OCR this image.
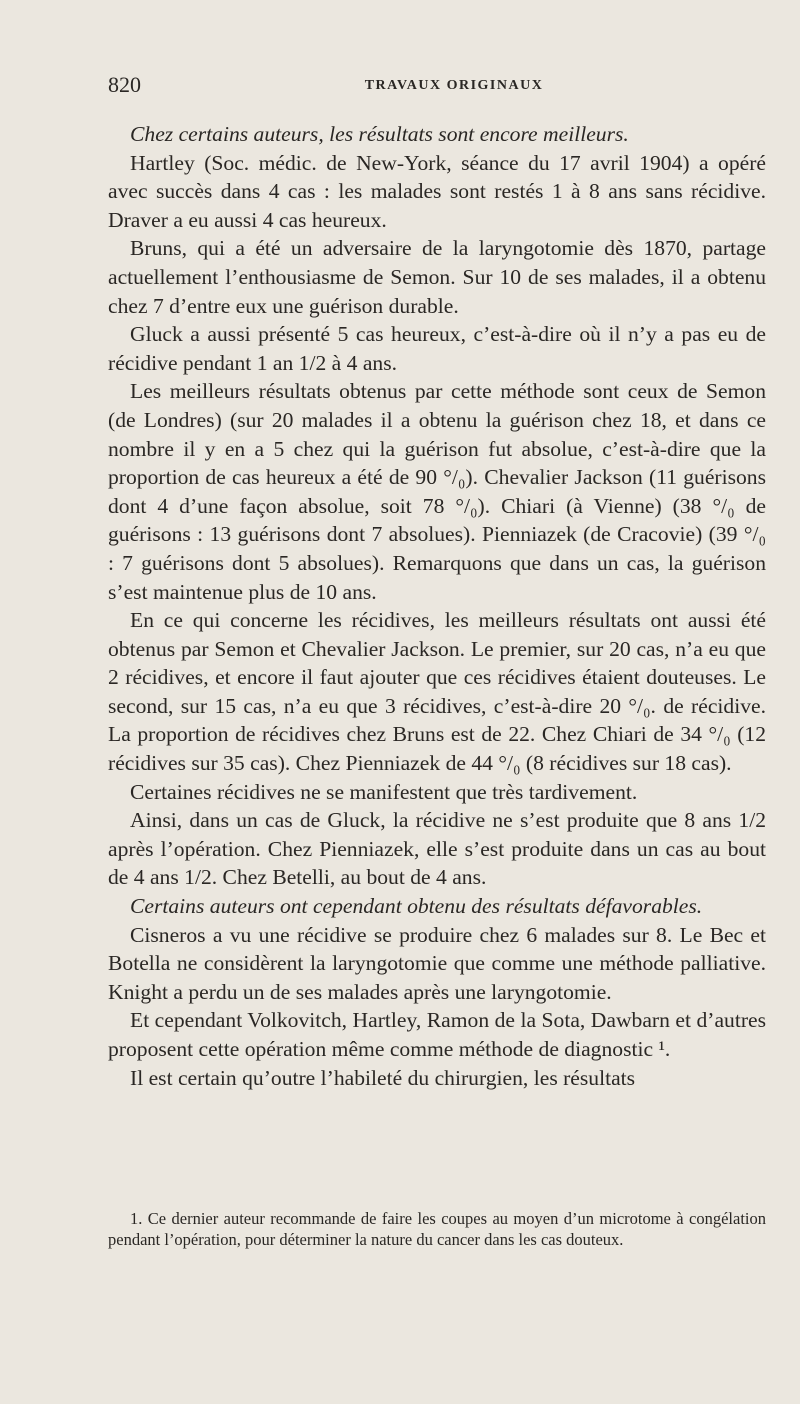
820	TRAVAUX ORIGINAUX

Chez certains auteurs, les résultats sont encore meilleurs.

Hartley (Soc. médic. de New-York, séance du 17 avril 1904) a opéré avec succès dans 4 cas : les malades sont restés 1 à 8 ans sans récidive. Draver a eu aussi 4 cas heureux.

Bruns, qui a été un adversaire de la laryngotomie dès 1870, partage actuellement l’enthousiasme de Semon. Sur 10 de ses malades, il a obtenu chez 7 d’entre eux une guérison durable.

Gluck a aussi présenté 5 cas heureux, c’est-à-dire où il n’y a pas eu de récidive pendant 1 an 1/2 à 4 ans.

Les meilleurs résultats obtenus par cette méthode sont ceux de Semon (de Londres) (sur 20 malades il a obtenu la guérison chez 18, et dans ce nombre il y en a 5 chez qui la guérison fut absolue, c’est-à-dire que la proportion de cas heureux a été de 90 °/₀). Chevalier Jackson (11 guérisons dont 4 d’une façon absolue, soit 78 °/₀). Chiari (à Vienne) (38 °/₀ de guérisons : 13 guérisons dont 7 absolues). Pienniazek (de Cracovie) (39 °/₀ : 7 guérisons dont 5 absolues). Remarquons que dans un cas, la guérison s’est maintenue plus de 10 ans.

En ce qui concerne les récidives, les meilleurs résultats ont aussi été obtenus par Semon et Chevalier Jackson. Le premier, sur 20 cas, n’a eu que 2 récidives, et encore il faut ajouter que ces récidives étaient douteuses. Le second, sur 15 cas, n’a eu que 3 récidives, c’est-à-dire 20 °/₀. de récidive. La proportion de récidives chez Bruns est de 22. Chez Chiari de 34 °/₀ (12 récidives sur 35 cas). Chez Pienniazek de 44 °/₀ (8 récidives sur 18 cas).

Certaines récidives ne se manifestent que très tardivement.

Ainsi, dans un cas de Gluck, la récidive ne s’est produite que 8 ans 1/2 après l’opération. Chez Pienniazek, elle s’est produite dans un cas au bout de 4 ans 1/2. Chez Betelli, au bout de 4 ans.

Certains auteurs ont cependant obtenu des résultats défavorables.

Cisneros a vu une récidive se produire chez 6 malades sur 8. Le Bec et Botella ne considèrent la laryngotomie que comme une méthode palliative. Knight a perdu un de ses malades après une laryngotomie.

Et cependant Volkovitch, Hartley, Ramon de la Sota, Dawbarn et d’autres proposent cette opération même comme méthode de diagnostic ¹.

Il est certain qu’outre l’habileté du chirurgien, les résultats

1. Ce dernier auteur recommande de faire les coupes au moyen d’un microtome à congélation pendant l’opération, pour déterminer la nature du cancer dans les cas douteux.
